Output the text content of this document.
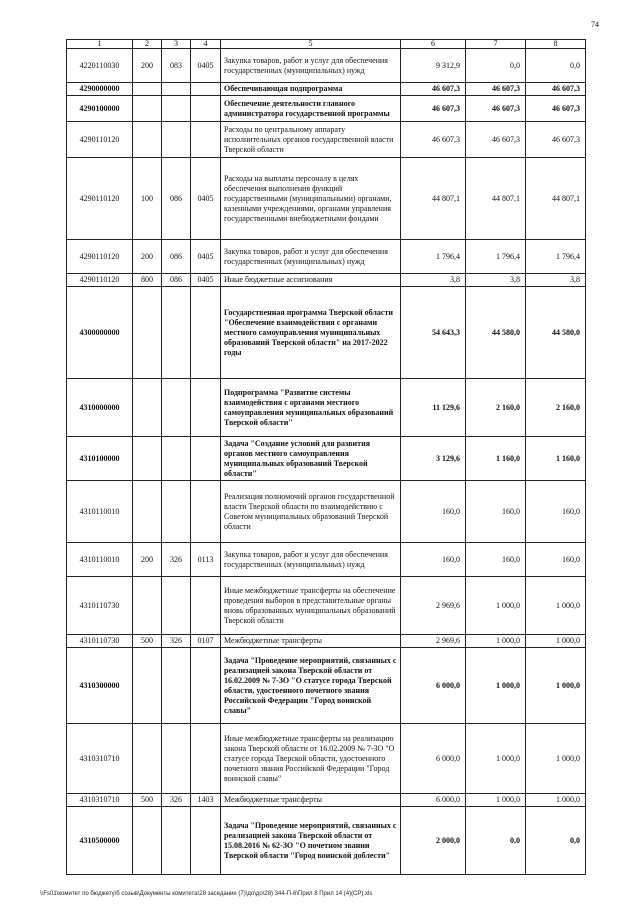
74
1	2	3	4	5	6	7	8
4220110030	200	083	0405	Закупка товаров, работ и услуг для обеспечения государственных (муниципальных) нужд	9 312,9	0,0	0,0
4290000000				Обеспечивающая подпрограмма	46 607,3	46 607,3	46 607,3
4290100000				Обеспечение деятельности главного администратора государственной программы	46 607,3	46 607,3	46 607,3
4290110120				Расходы по центральному аппарату исполнительных органов государственной власти Тверской области	46 607,3	46 607,3	46 607,3
4290110120	100	086	0405	Расходы на выплаты персоналу в целях обеспечения выполнения функций государственными (муниципальными) органами, казенными учреждениями, органами управления государственными внебюджетными фондами	44 807,1	44 807,1	44 807,1
4290110120	200	086	0405	Закупка товаров, работ и услуг для обеспечения государственных (муниципальных) нужд	1 796,4	1 796,4	1 796,4
4290110120	800	086	0405	Иные бюджетные ассигнования	3,8	3,8	3,8
4300000000				Государственная программа Тверской области "Обеспечение взаимодействия с органами местного самоуправления муниципальных образований Тверской области" на 2017-2022 годы	54 643,3	44 580,0	44 580,0
4310000000				Подпрограмма "Развитие системы взаимодействия с органами местного самоуправления муниципальных образований Тверской области"	11 129,6	2 160,0	2 160,0
4310100000				Задача "Создание условий для развития органов местного самоуправления муниципальных образований Тверской области"	3 129,6	1 160,0	1 160,0
4310110010				Реализация полномочий органов государственной власти Тверской области по взаимодействию с Советом муниципальных образований Тверской области	160,0	160,0	160,0
4310110010	200	326	0113	Закупка товаров, работ и услуг для обеспечения государственных (муниципальных) нужд	160,0	160,0	160,0
4310110730				Иные межбюджетные трансферты на обеспечение проведения выборов в представительные органы вновь образованных муниципальных образований Тверской области	2 969,6	1 000,0	1 000,0
4310110730	500	326	0107	Межбюджетные трансферты	2 969,6	1 000,0	1 000,0
4310300000				Задача "Проведение мероприятий, связанных с реализацией закона Тверской области от 16.02.2009 № 7-ЗО "О статусе города Тверской области, удостоенного почетного звания Российской Федерации "Город воинской славы"	6 000,0	1 000,0	1 000,0
4310310710				Иные межбюджетные трансферты на реализацию закона Тверской области от 16.02.2009 № 7-ЗО "О статусе города Тверской области, удостоенного почетного звания Российской Федерации "Город воинской славы"	6 000,0	1 000,0	1 000,0
4310310710	500	326	1403	Межбюджетные трансферты	6 000,0	1 000,0	1 000,0
4310500000				Задача "Проведение мероприятий, связанных с реализацией закона Тверской области от 15.08.2016 № 62-ЗО "О почетном звании Тверской области "Город воинской доблести"	2 000,0	0,0	0,0
\\Fs01\комитет по бюджету\б созыв\Документы комитета\28 заседание (7)\до\до\28) 344-П-6\Прил 8 Прил 14 (4)(СР).xls
